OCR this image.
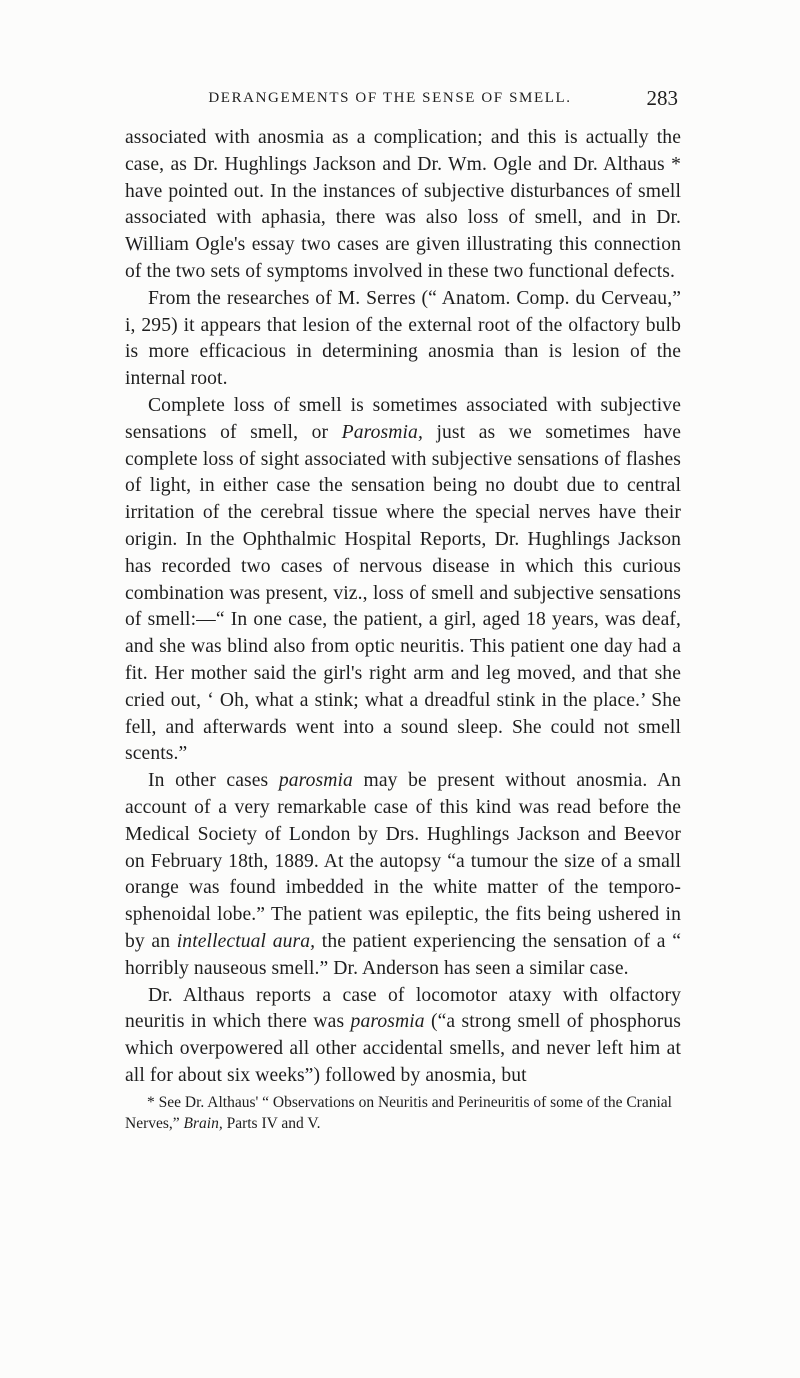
DERANGEMENTS OF THE SENSE OF SMELL.	283

associated with anosmia as a complication; and this is actually the case, as Dr. Hughlings Jackson and Dr. Wm. Ogle and Dr. Althaus * have pointed out. In the instances of subjective disturbances of smell associated with aphasia, there was also loss of smell, and in Dr. William Ogle's essay two cases are given illustrating this connection of the two sets of symptoms involved in these two functional defects.

From the researches of M. Serres (“ Anatom. Comp. du Cerveau,” i, 295) it appears that lesion of the external root of the olfactory bulb is more efficacious in determining anosmia than is lesion of the internal root.

Complete loss of smell is sometimes associated with subjective sensations of smell, or Parosmia, just as we sometimes have complete loss of sight associated with subjective sensations of flashes of light, in either case the sensation being no doubt due to central irritation of the cerebral tissue where the special nerves have their origin. In the Ophthalmic Hospital Reports, Dr. Hughlings Jackson has recorded two cases of nervous disease in which this curious combination was present, viz., loss of smell and subjective sensations of smell:—“ In one case, the patient, a girl, aged 18 years, was deaf, and she was blind also from optic neuritis. This patient one day had a fit. Her mother said the girl's right arm and leg moved, and that she cried out, ‘ Oh, what a stink; what a dreadful stink in the place.’ She fell, and afterwards went into a sound sleep. She could not smell scents.”

In other cases parosmia may be present without anosmia. An account of a very remarkable case of this kind was read before the Medical Society of London by Drs. Hughlings Jackson and Beevor on February 18th, 1889. At the autopsy “a tumour the size of a small orange was found imbedded in the white matter of the temporo-sphenoidal lobe.” The patient was epileptic, the fits being ushered in by an intellectual aura, the patient experiencing the sensation of a “ horribly nauseous smell.” Dr. Anderson has seen a similar case.

Dr. Althaus reports a case of locomotor ataxy with olfactory neuritis in which there was parosmia (“a strong smell of phosphorus which overpowered all other accidental smells, and never left him at all for about six weeks”) followed by anosmia, but

* See Dr. Althaus' “ Observations on Neuritis and Perineuritis of some of the Cranial Nerves,” Brain, Parts IV and V.
